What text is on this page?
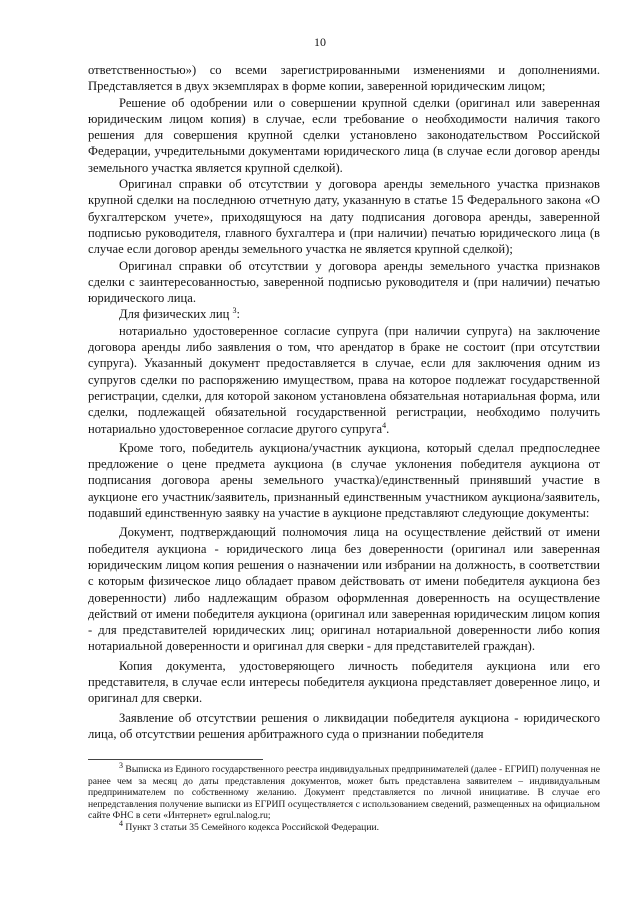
10

ответственностью») со всеми зарегистрированными изменениями и дополнениями. Представляется в двух экземплярах в форме копии, заверенной юридическим лицом;

Решение об одобрении или о совершении крупной сделки (оригинал или заверенная юридическим лицом копия) в случае, если требование о необходимости наличия такого решения для совершения крупной сделки установлено законодательством Российской Федерации, учредительными документами юридического лица (в случае если договор аренды земельного участка является крупной сделкой).

Оригинал справки об отсутствии у договора аренды земельного участка признаков крупной сделки на последнюю отчетную дату, указанную в статье 15 Федерального закона «О бухгалтерском учете», приходящуюся на дату подписания договора аренды, заверенной подписью руководителя, главного бухгалтера и (при наличии) печатью юридического лица (в случае если договор аренды земельного участка не является крупной сделкой);

Оригинал справки об отсутствии у договора аренды земельного участка признаков сделки с заинтересованностью, заверенной подписью руководителя и (при наличии) печатью юридического лица.

Для физических лиц $^3$:

нотариально удостоверенное согласие супруга (при наличии супруга) на заключение договора аренды либо заявления о том, что арендатор в браке не состоит (при отсутствии супруга). Указанный документ предоставляется в случае, если для заключения одним из супругов сделки по распоряжению имуществом, права на которое подлежат государственной регистрации, сделки, для которой законом установлена обязательная нотариальная форма, или сделки, подлежащей обязательной государственной регистрации, необходимо получить нотариально удостоверенное согласие другого супруга$^4$.

Кроме того, победитель аукциона/участник аукциона, который сделал предпоследнее предложение о цене предмета аукциона (в случае уклонения победителя аукциона от подписания договора арены земельного участка)/единственный принявший участие в аукционе его участник/заявитель, признанный единственным участником аукциона/заявитель, подавший единственную заявку на участие в аукционе представляют следующие документы:

Документ, подтверждающий полномочия лица на осуществление действий от имени победителя аукциона - юридического лица без доверенности (оригинал или заверенная юридическим лицом копия решения о назначении или избрании на должность, в соответствии с которым физическое лицо обладает правом действовать от имени победителя аукциона без доверенности) либо надлежащим образом оформленная доверенность на осуществление действий от имени победителя аукциона (оригинал или заверенная юридическим лицом копия - для представителей юридических лиц; оригинал нотариальной доверенности либо копия нотариальной доверенности и оригинал для сверки - для представителей граждан).

Копия документа, удостоверяющего личность победителя аукциона или его представителя, в случае если интересы победителя аукциона представляет доверенное лицо, и оригинал для сверки.

Заявление об отсутствии решения о ликвидации победителя аукциона - юридического лица, об отсутствии решения арбитражного суда о признании победителя

$^3$ Выписка из Единого государственного реестра индивидуальных предпринимателей (далее - ЕГРИП) полученная не ранее чем за месяц до даты представления документов, может быть представлена заявителем – индивидуальным предпринимателем по собственному желанию. Документ представляется по личной инициативе. В случае его непредставления получение выписки из ЕГРИП осуществляется с использованием сведений, размещенных на официальном сайте ФНС в сети «Интернет» egrul.nalog.ru;

$^4$ Пункт 3 статьи 35 Семейного кодекса Российской Федерации.
